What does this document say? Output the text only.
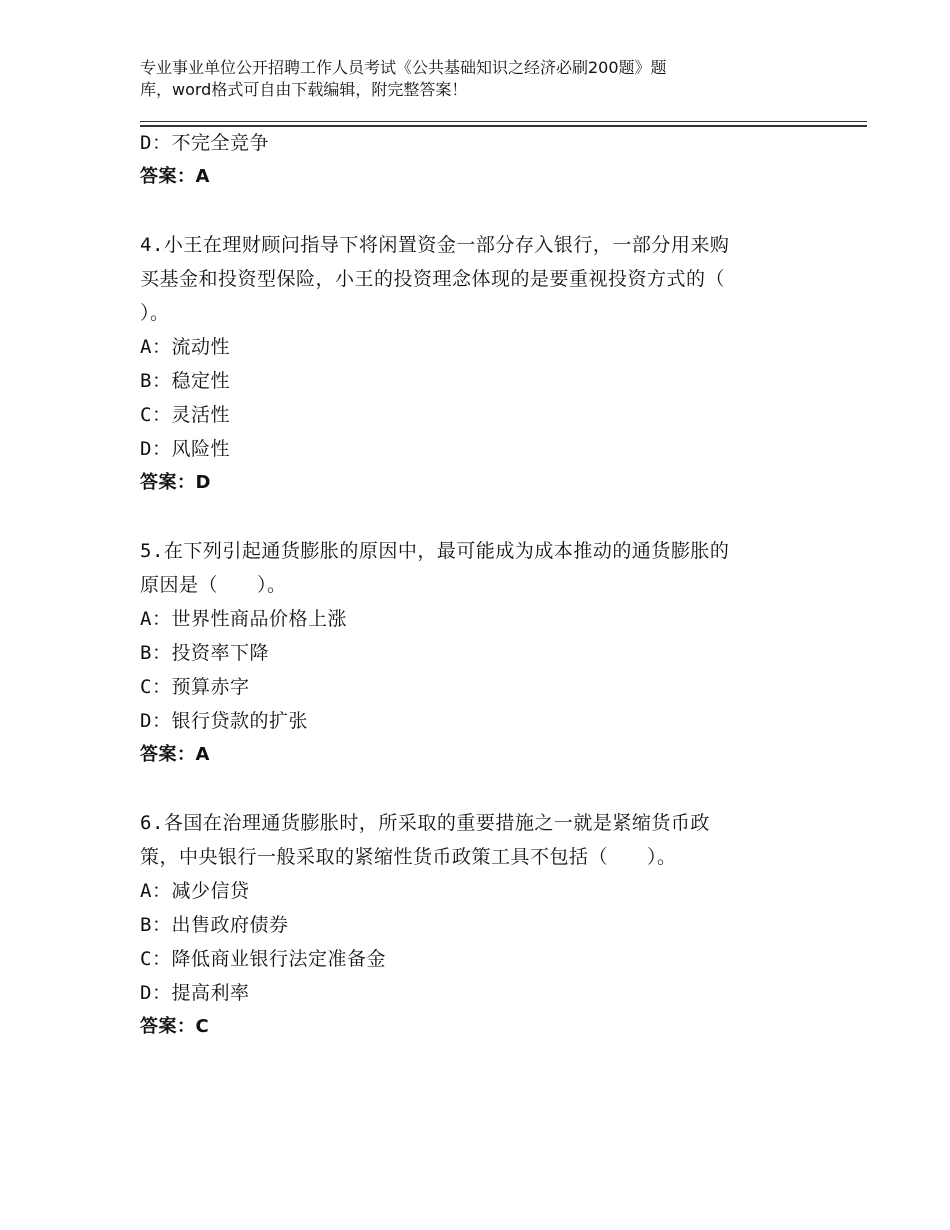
专业事业单位公开招聘工作人员考试《公共基础知识之经济必刷200题》题
库，word格式可自由下载编辑，附完整答案！
D：不完全竞争
答案：A
4.小王在理财顾问指导下将闲置资金一部分存入银行，一部分用来购
买基金和投资型保险，小王的投资理念体现的是要重视投资方式的（
）。
A：流动性
B：稳定性
C：灵活性
D：风险性
答案：D
5.在下列引起通货膨胀的原因中，最可能成为成本推动的通货膨胀的
原因是（　　）。
A：世界性商品价格上涨
B：投资率下降
C：预算赤字
D：银行贷款的扩张
答案：A
6.各国在治理通货膨胀时，所采取的重要措施之一就是紧缩货币政
策，中央银行一般采取的紧缩性货币政策工具不包括（　　）。
A：减少信贷
B：出售政府债券
C：降低商业银行法定准备金
D：提高利率
答案：C
